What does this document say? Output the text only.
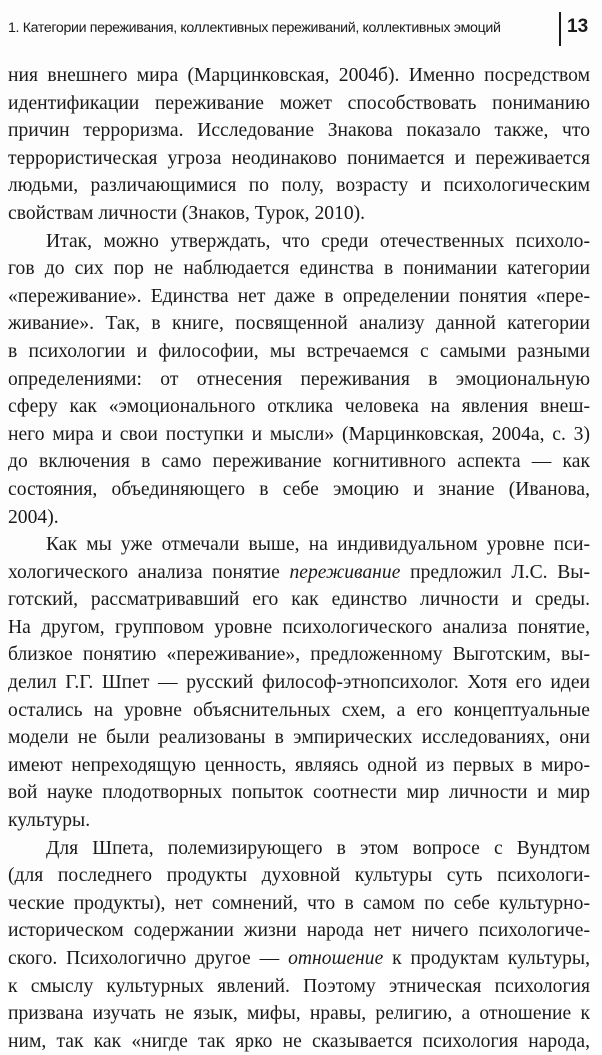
1. Категории переживания, коллективных переживаний, коллективных эмоций	13
ния внешнего мира (Марцинковская, 2004б). Именно посредством
идентификации переживание может способствовать пониманию
причин терроризма. Исследование Знакова показало также, что
террористическая угроза неодинаково понимается и переживается
людьми, различающимися по полу, возрасту и психологическим
свойствам личности (Знаков, Турок, 2010).
Итак, можно утверждать, что среди отечественных психоло-
гов до сих пор не наблюдается единства в понимании категории
«переживание». Единства нет даже в определении понятия «пере-
живание». Так, в книге, посвященной анализу данной категории
в психологии и философии, мы встречаемся с самыми разными
определениями: от отнесения переживания в эмоциональную
сферу как «эмоционального отклика человека на явления внеш-
него мира и свои поступки и мысли» (Марцинковская, 2004а, с. 3)
до включения в само переживание когнитивного аспекта — как
состояния, объединяющего в себе эмоцию и знание (Иванова,
2004).
Как мы уже отмечали выше, на индивидуальном уровне пси-
хологического анализа понятие переживание предложил Л.С. Вы-
готский, рассматривавший его как единство личности и среды.
На другом, групповом уровне психологического анализа понятие,
близкое понятию «переживание», предложенному Выготским, вы-
делил Г.Г. Шпет — русский философ-этнопсихолог. Хотя его идеи
остались на уровне объяснительных схем, а его концептуальные
модели не были реализованы в эмпирических исследованиях, они
имеют непреходящую ценность, являясь одной из первых в миро-
вой науке плодотворных попыток соотнести мир личности и мир
культуры.
Для Шпета, полемизирующего в этом вопросе с Вундтом
(для последнего продукты духовной культуры суть психологи-
ческие продукты), нет сомнений, что в самом по себе культурно-
историческом содержании жизни народа нет ничего психологиче-
ского. Психологично другое — отношение к продуктам культуры,
к смыслу культурных явлений. Поэтому этническая психология
призвана изучать не язык, мифы, нравы, религию, а отношение к
ним, так как «нигде так ярко не сказывается психология народа,
